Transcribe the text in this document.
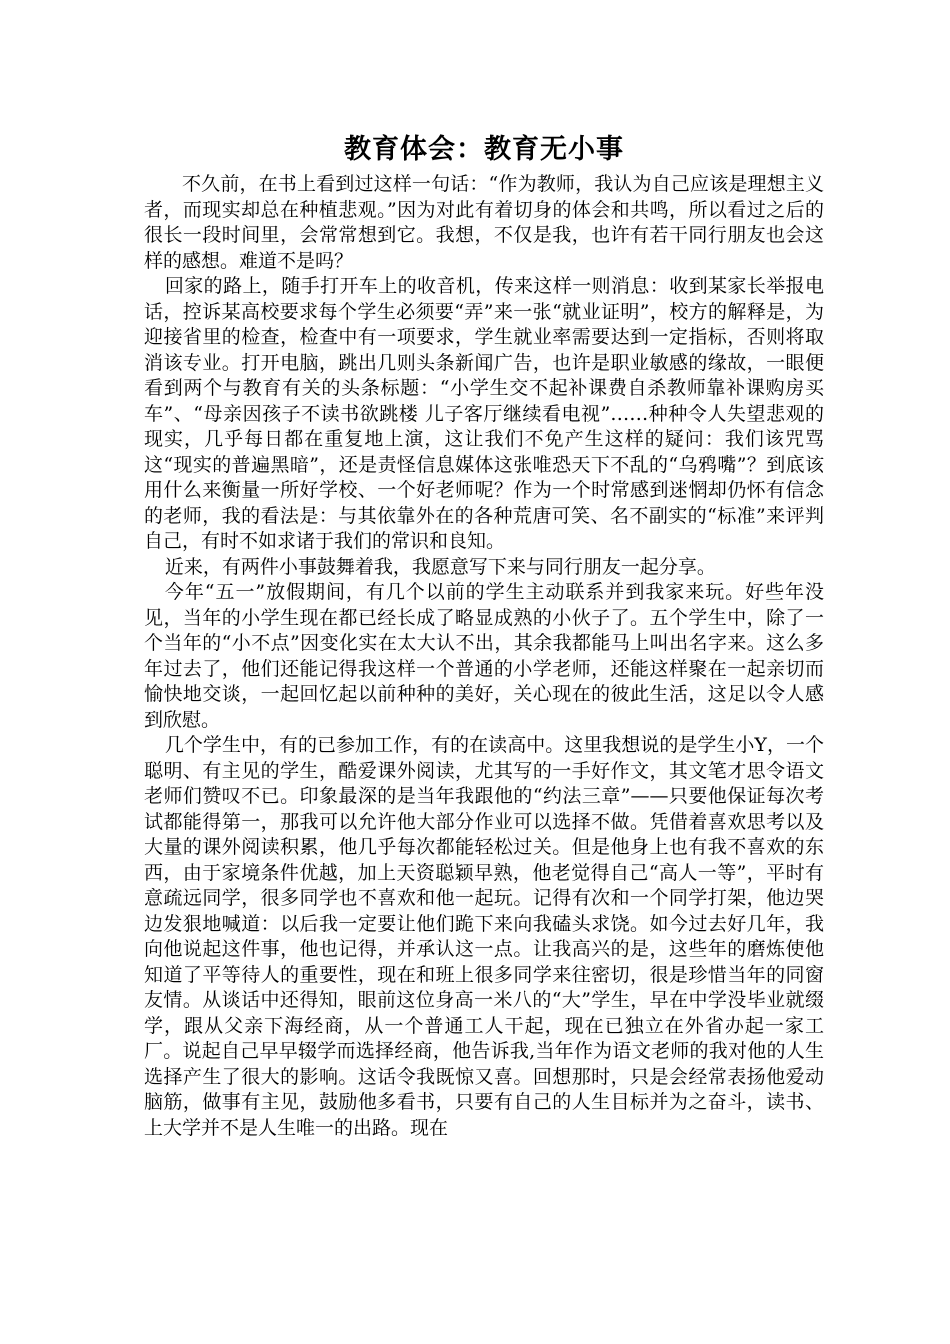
教育体会：教育无小事

不久前，在书上看到过这样一句话：“作为教师，我认为自己应该是理想主义者，而现实却总在种植悲观。”因为对此有着切身的体会和共鸣，所以看过之后的很长一段时间里，会常常想到它。我想，不仅是我，也许有若干同行朋友也会这样的感想。难道不是吗？

回家的路上，随手打开车上的收音机，传来这样一则消息：收到某家长举报电话，控诉某高校要求每个学生必须要“弄”来一张“就业证明”，校方的解释是，为迎接省里的检查，检查中有一项要求，学生就业率需要达到一定指标，否则将取消该专业。打开电脑，跳出几则头条新闻广告，也许是职业敏感的缘故，一眼便看到两个与教育有关的头条标题：“小学生交不起补课费自杀教师靠补课购房买车”、“母亲因孩子不读书欲跳楼 儿子客厅继续看电视”……种种令人失望悲观的现实，几乎每日都在重复地上演，这让我们不免产生这样的疑问：我们该咒骂这“现实的普遍黑暗”，还是责怪信息媒体这张唯恐天下不乱的“乌鸦嘴”？到底该用什么来衡量一所好学校、一个好老师呢？作为一个时常感到迷惘却仍怀有信念的老师，我的看法是：与其依靠外在的各种荒唐可笑、名不副实的“标准”来评判自己，有时不如求诸于我们的常识和良知。

近来，有两件小事鼓舞着我，我愿意写下来与同行朋友一起分享。

今年“五一”放假期间，有几个以前的学生主动联系并到我家来玩。好些年没见，当年的小学生现在都已经长成了略显成熟的小伙子了。五个学生中，除了一个当年的“小不点”因变化实在太大认不出，其余我都能马上叫出名字来。这么多年过去了，他们还能记得我这样一个普通的小学老师，还能这样聚在一起亲切而愉快地交谈，一起回忆起以前种种的美好，关心现在的彼此生活，这足以令人感到欣慰。

几个学生中，有的已参加工作，有的在读高中。这里我想说的是学生小Y，一个聪明、有主见的学生，酷爱课外阅读，尤其写的一手好作文，其文笔才思令语文老师们赞叹不已。印象最深的是当年我跟他的“约法三章”——只要他保证每次考试都能得第一，那我可以允许他大部分作业可以选择不做。凭借着喜欢思考以及大量的课外阅读积累，他几乎每次都能轻松过关。但是他身上也有我不喜欢的东西，由于家境条件优越，加上天资聪颖早熟，他老觉得自己“高人一等”，平时有意疏远同学，很多同学也不喜欢和他一起玩。记得有次和一个同学打架，他边哭边发狠地喊道：以后我一定要让他们跪下来向我磕头求饶。如今过去好几年，我向他说起这件事，他也记得，并承认这一点。让我高兴的是，这些年的磨炼使他知道了平等待人的重要性，现在和班上很多同学来往密切，很是珍惜当年的同窗友情。从谈话中还得知，眼前这位身高一米八的“大”学生，早在中学没毕业就缀学，跟从父亲下海经商，从一个普通工人干起，现在已独立在外省办起一家工厂。说起自己早早辍学而选择经商，他告诉我,当年作为语文老师的我对他的人生选择产生了很大的影响。这话令我既惊又喜。回想那时，只是会经常表扬他爱动脑筋，做事有主见，鼓励他多看书，只要有自己的人生目标并为之奋斗，读书、上大学并不是人生唯一的出路。现在
